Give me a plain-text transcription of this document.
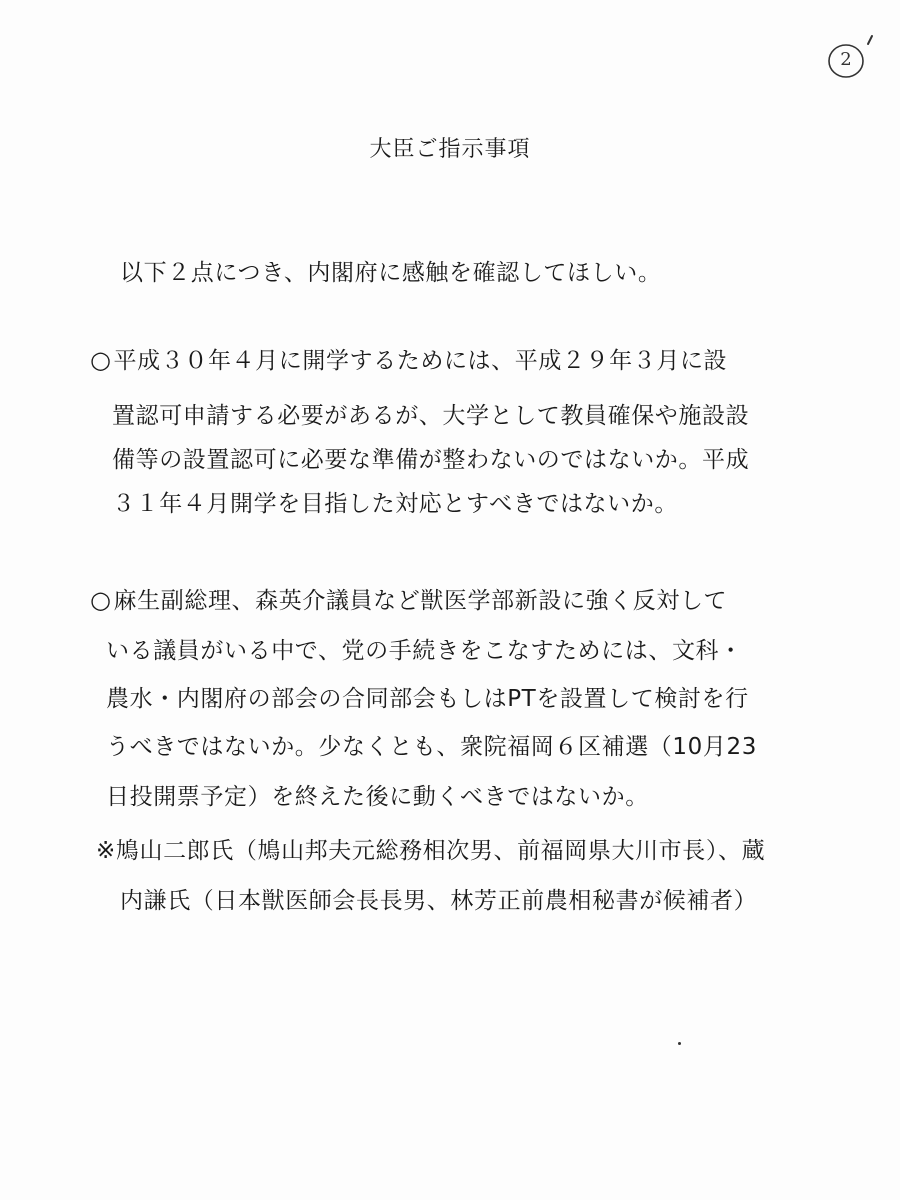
2
大臣ご指示事項
以下２点につき、内閣府に感触を確認してほしい。
○平成３０年４月に開学するためには、平成２９年３月に設
置認可申請する必要があるが、大学として教員確保や施設設
備等の設置認可に必要な準備が整わないのではないか。平成
３１年４月開学を目指した対応とすべきではないか。
○麻生副総理、森英介議員など獣医学部新設に強く反対して
いる議員がいる中で、党の手続きをこなすためには、文科・
農水・内閣府の部会の合同部会もしはPTを設置して検討を行
うべきではないか。少なくとも、衆院福岡６区補選（10月23
日投開票予定）を終えた後に動くべきではないか。
※鳩山二郎氏（鳩山邦夫元総務相次男、前福岡県大川市長）、蔵
内謙氏（日本獣医師会長長男、林芳正前農相秘書が候補者）
